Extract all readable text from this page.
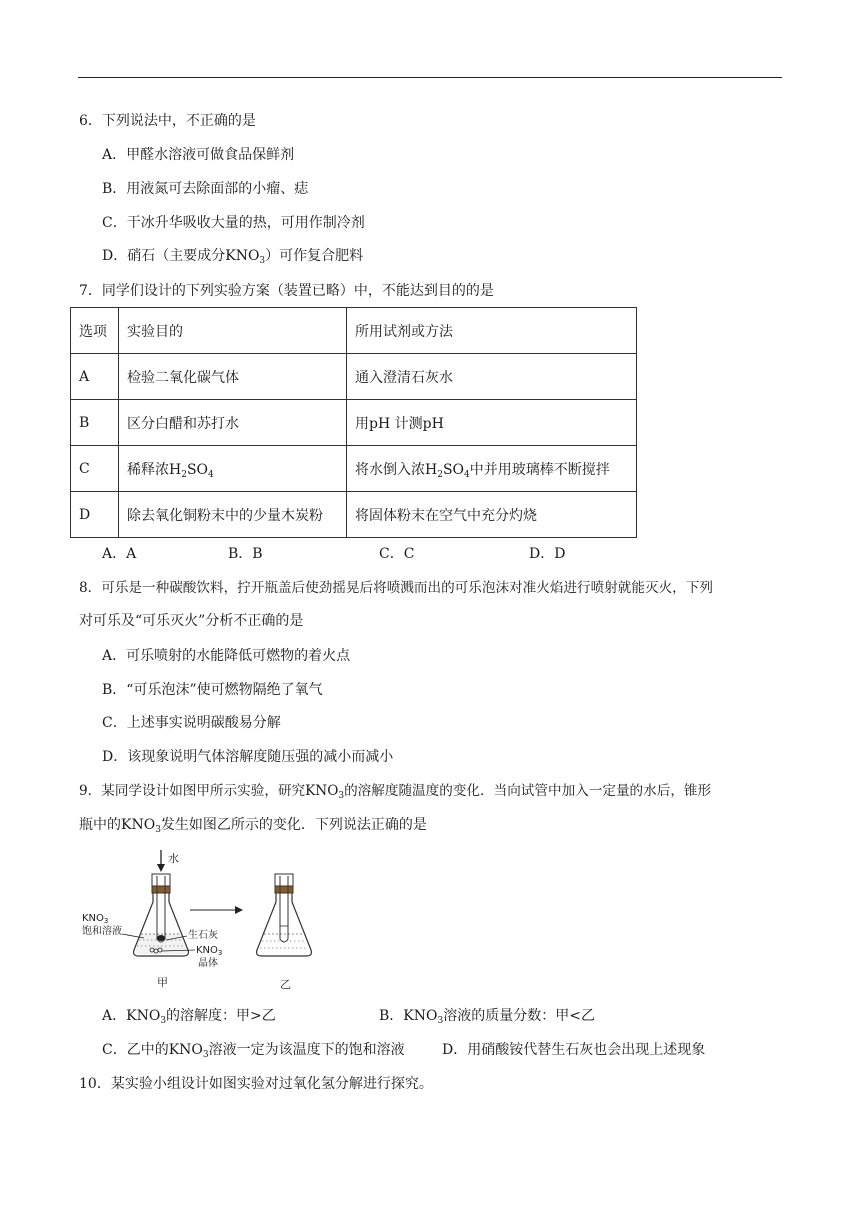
6．下列说法中，不正确的是
A．甲醛水溶液可做食品保鲜剂
B．用液氮可去除面部的小瘤、痣
C．干冰升华吸收大量的热，可用作制冷剂
D．硝石（主要成分$KNO_3$）可作复合肥料
7．同学们设计的下列实验方案（装置已略）中，不能达到目的的是
选项	实验目的	所用试剂或方法
A	检验二氧化碳气体	通入澄清石灰水
B	区分白醋和苏打水	用pH 计测pH
C	稀释浓$H_2SO_4$	将水倒入浓$H_2SO_4$中并用玻璃棒不断搅拌
D	除去氧化铜粉末中的少量木炭粉	将固体粉末在空气中充分灼烧
A．A	B．B	C．C	D．D
8．可乐是一种碳酸饮料，拧开瓶盖后使劲摇晃后将喷溅而出的可乐泡沫对准火焰进行喷射就能灭火，下列
对可乐及“可乐灭火”分析不正确的是
A．可乐喷射的水能降低可燃物的着火点
B．“可乐泡沫”使可燃物隔绝了氧气
C．上述事实说明碳酸易分解
D．该现象说明气体溶解度随压强的减小而减小
9．某同学设计如图甲所示实验，研究$KNO_3$的溶解度随温度的变化．当向试管中加入一定量的水后，锥形
瓶中的$KNO_3$发生如图乙所示的变化．下列说法正确的是
水
$KNO_3$
饱和溶液	生石灰
$KNO_3$
晶体
甲	乙
A．$KNO_3$的溶解度：甲>乙	B．$KNO_3$溶液的质量分数：甲<乙
C．乙中的$KNO_3$溶液一定为该温度下的饱和溶液	D．用硝酸铵代替生石灰也会出现上述现象
10．某实验小组设计如图实验对过氧化氢分解进行探究。
